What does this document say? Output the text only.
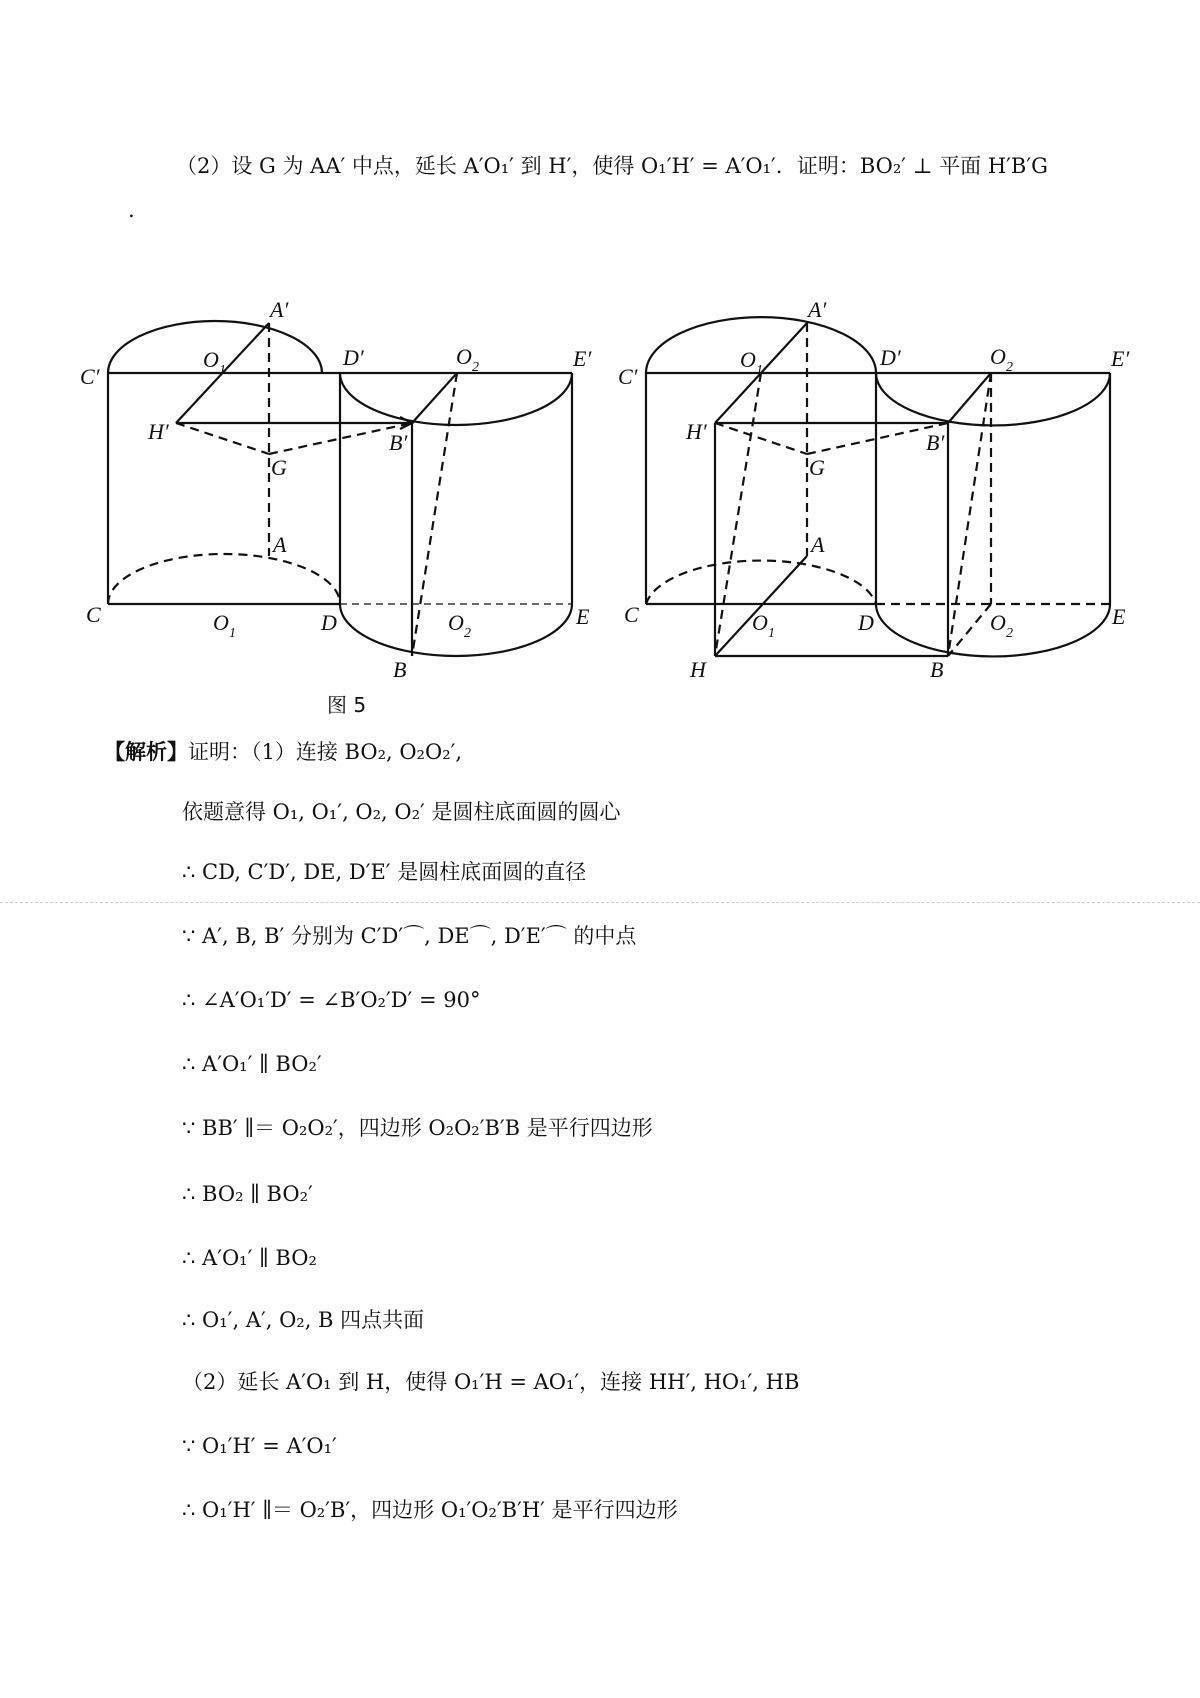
（2）设 G 为 AA′ 中点，延长 A′O₁′ 到 H′，使得 O₁′H′ = A′O₁′．证明：BO₂′ ⊥ 平面 H′B′G
.
A′
O 1
D′	O 2	E′
C′
H′	B′
G
A
C	O 1	D	O 2
E
B
图 5
A′
O 1
D′	O 2	E′
C′
H′	B′
G
A
C	O 1	D	O 2
E
H	B
【解析】证明：（1）连接 BO₂, O₂O₂′,
依题意得 O₁, O₁′, O₂, O₂′ 是圆柱底面圆的圆心
∴ CD, C′D′, DE, D′E′ 是圆柱底面圆的直径
∵ A′, B, B′ 分别为 C′D′⌒, DE⌒, D′E′⌒ 的中点
∴ ∠A′O₁′D′ = ∠B′O₂′D′ = 90°
∴ A′O₁′ ∥ BO₂′
∵ BB′ ∥＝ O₂O₂′，四边形 O₂O₂′B′B 是平行四边形
∴ BO₂ ∥ BO₂′
∴ A′O₁′ ∥ BO₂
∴ O₁′, A′, O₂, B 四点共面
（2）延长 A′O₁ 到 H，使得 O₁′H = AO₁′，连接 HH′, HO₁′, HB
∵ O₁′H′ = A′O₁′
∴ O₁′H′ ∥＝ O₂′B′，四边形 O₁′O₂′B′H′ 是平行四边形
